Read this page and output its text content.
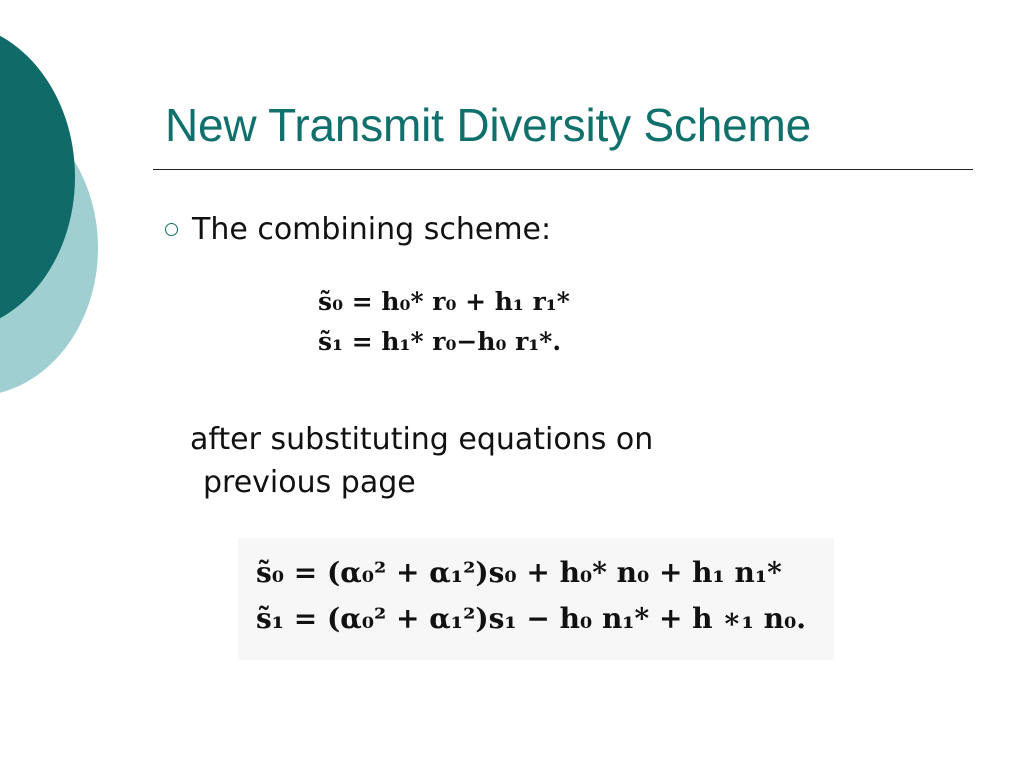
New Transmit Diversity Scheme
The combining scheme:
s̃₀ = h₀* r₀ + h₁ r₁*
s̃₁ = h₁* r₀−h₀ r₁*.
after substituting equations on
previous page
s̃₀ = (α₀² + α₁²)s₀ + h₀* n₀ + h₁ n₁*
s̃₁ = (α₀² + α₁²)s₁ − h₀ n₁* + h ∗₁ n₀.
